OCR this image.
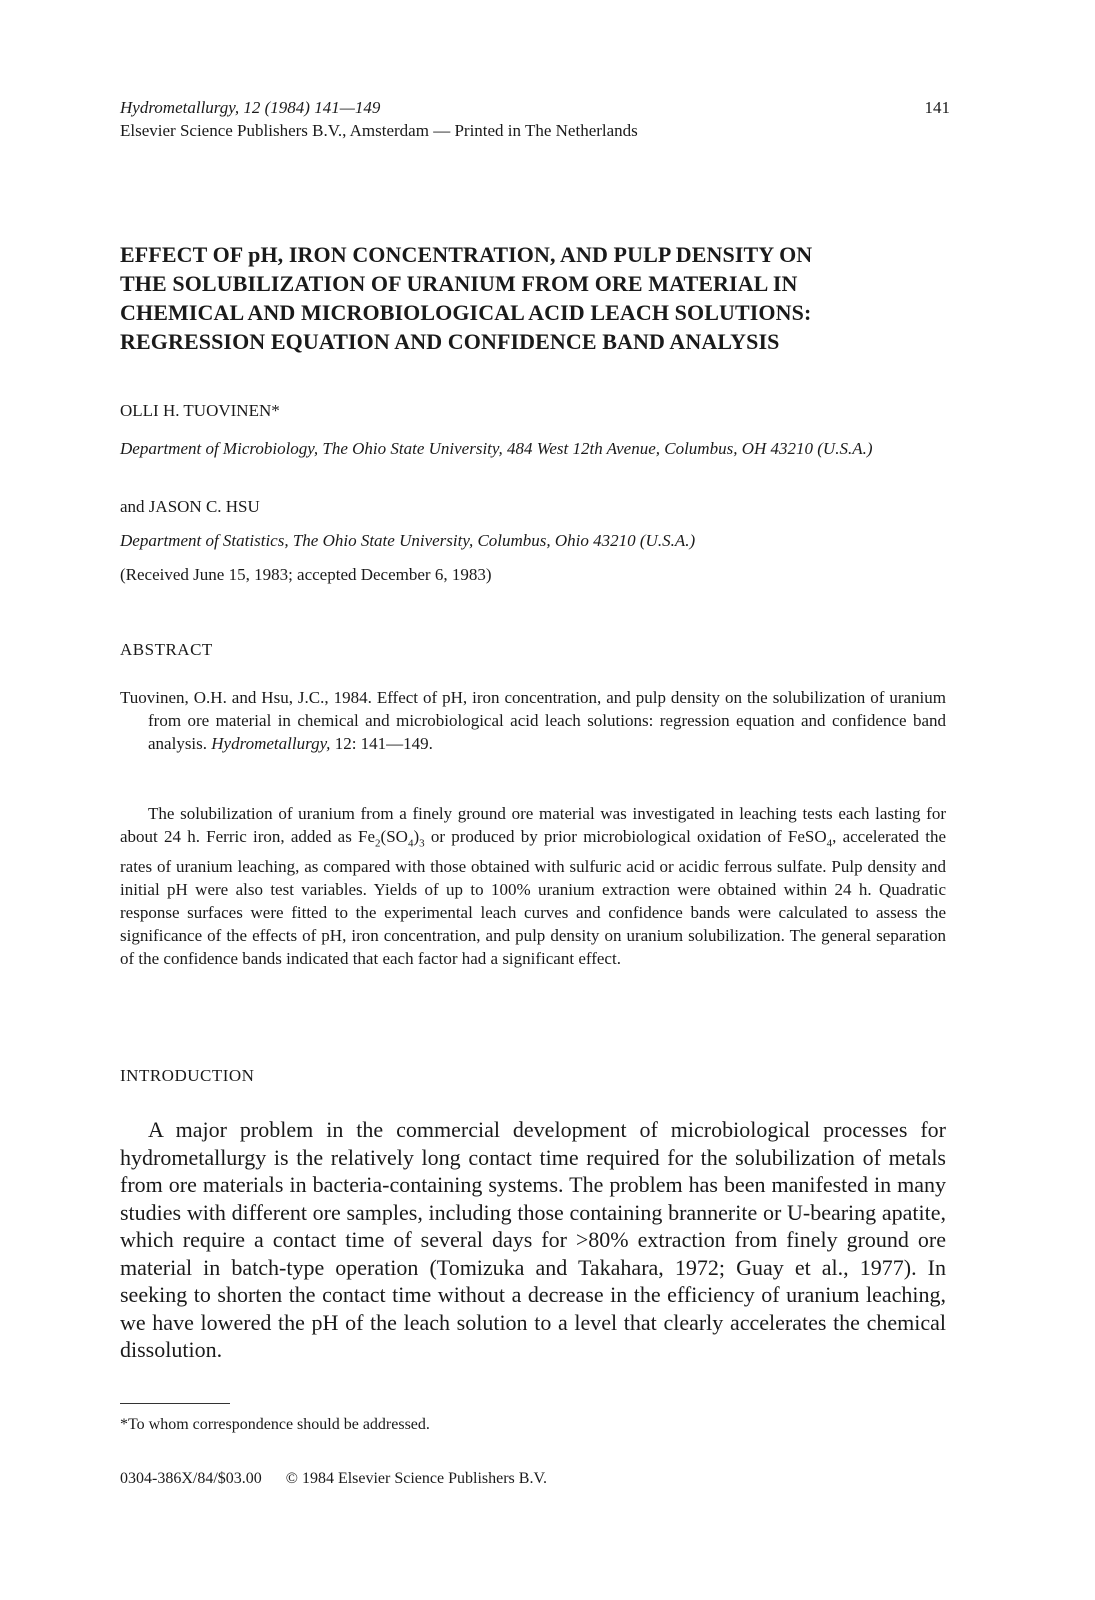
Hydrometallurgy, 12 (1984) 141—149
Elsevier Science Publishers B.V., Amsterdam — Printed in The Netherlands
141
EFFECT OF pH, IRON CONCENTRATION, AND PULP DENSITY ON
THE SOLUBILIZATION OF URANIUM FROM ORE MATERIAL IN
CHEMICAL AND MICROBIOLOGICAL ACID LEACH SOLUTIONS:
REGRESSION EQUATION AND CONFIDENCE BAND ANALYSIS
OLLI H. TUOVINEN*
Department of Microbiology, The Ohio State University, 484 West 12th Avenue, Columbus, OH 43210 (U.S.A.)
and JASON C. HSU
Department of Statistics, The Ohio State University, Columbus, Ohio 43210 (U.S.A.)
(Received June 15, 1983; accepted December 6, 1983)
ABSTRACT
Tuovinen, O.H. and Hsu, J.C., 1984. Effect of pH, iron concentration, and pulp density on the solubilization of uranium from ore material in chemical and microbiological acid leach solutions: regression equation and confidence band analysis. Hydrometallurgy, 12: 141—149.
The solubilization of uranium from a finely ground ore material was investigated in leaching tests each lasting for about 24 h. Ferric iron, added as $Fe_2(SO_4)_3$ or produced by prior microbiological oxidation of FeSO$_4$, accelerated the rates of uranium leaching, as compared with those obtained with sulfuric acid or acidic ferrous sulfate. Pulp density and initial pH were also test variables. Yields of up to 100% uranium extraction were obtained within 24 h. Quadratic response surfaces were fitted to the experimental leach curves and confidence bands were calculated to assess the significance of the effects of pH, iron concentration, and pulp density on uranium solubilization. The general separation of the confidence bands indicated that each factor had a significant effect.
INTRODUCTION
A major problem in the commercial development of microbiological processes for hydrometallurgy is the relatively long contact time required for the solubilization of metals from ore materials in bacteria-containing systems. The problem has been manifested in many studies with different ore samples, including those containing brannerite or U-bearing apatite, which require a contact time of several days for >80% extraction from finely ground ore material in batch-type operation (Tomizuka and Takahara, 1972; Guay et al., 1977). In seeking to shorten the contact time without a decrease in the efficiency of uranium leaching, we have lowered the pH of the leach solution to a level that clearly accelerates the chemical dissolution.
*To whom correspondence should be addressed.
0304-386X/84/$03.00 © 1984 Elsevier Science Publishers B.V.
